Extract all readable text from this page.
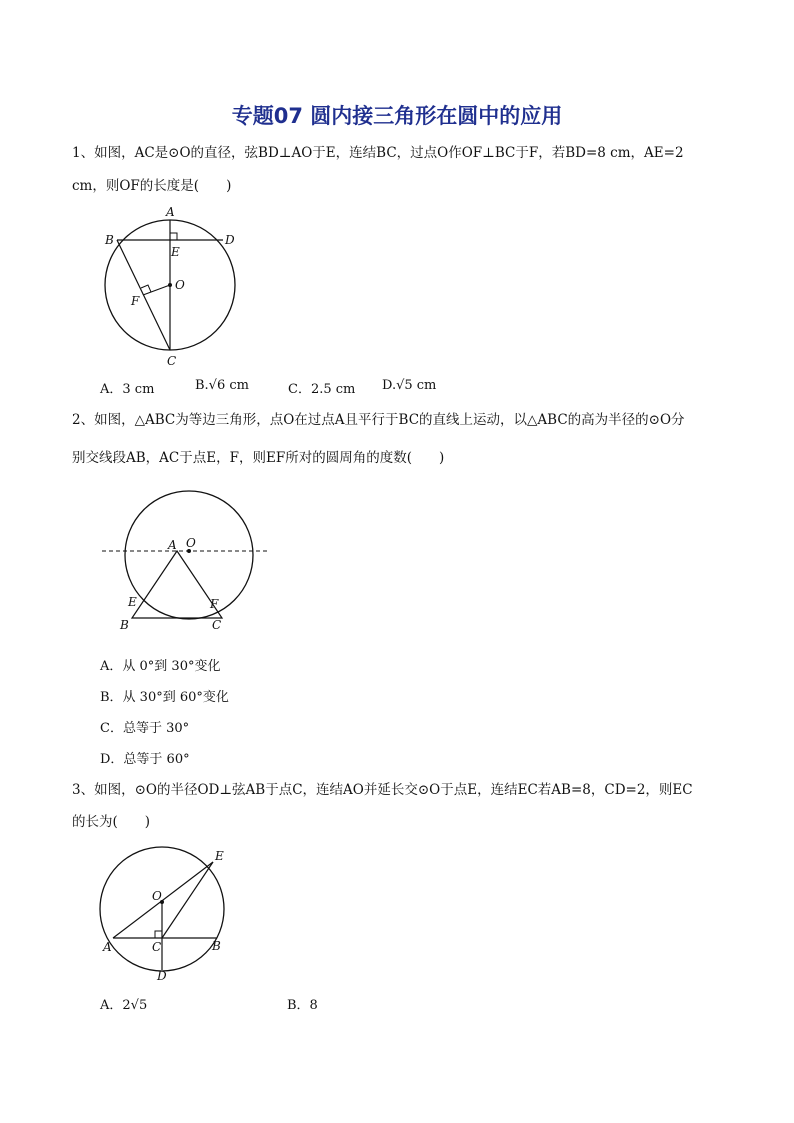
专题07 圆内接三角形在圆中的应用
1、如图，AC是⊙O的直径，弦BD⊥AO于E，连结BC，过点O作OF⊥BC于F，若BD=8 cm，AE=2
cm，则OF的长度是(　　)
A
B
C
D
E
F
O
A．3 cm	B.√6 cm	C．2.5 cm D.√5 cm
2、如图，△ABC为等边三角形，点O在过点A且平行于BC的直线上运动，以△ABC的高为半径的⊙O分
别交线段AB，AC于点E，F，则EF所对的圆周角的度数(　　)
A O
E	F
B	C
A．从 0°到 30°变化
B．从 30°到 60°变化
C．总等于 30°
D．总等于 60°
3、如图，⊙O的半径OD⊥弦AB于点C，连结AO并延长交⊙O于点E，连结EC若AB=8，CD=2，则EC
的长为(　　)
E
O
A	C	B
D
A．2√5	B．8
